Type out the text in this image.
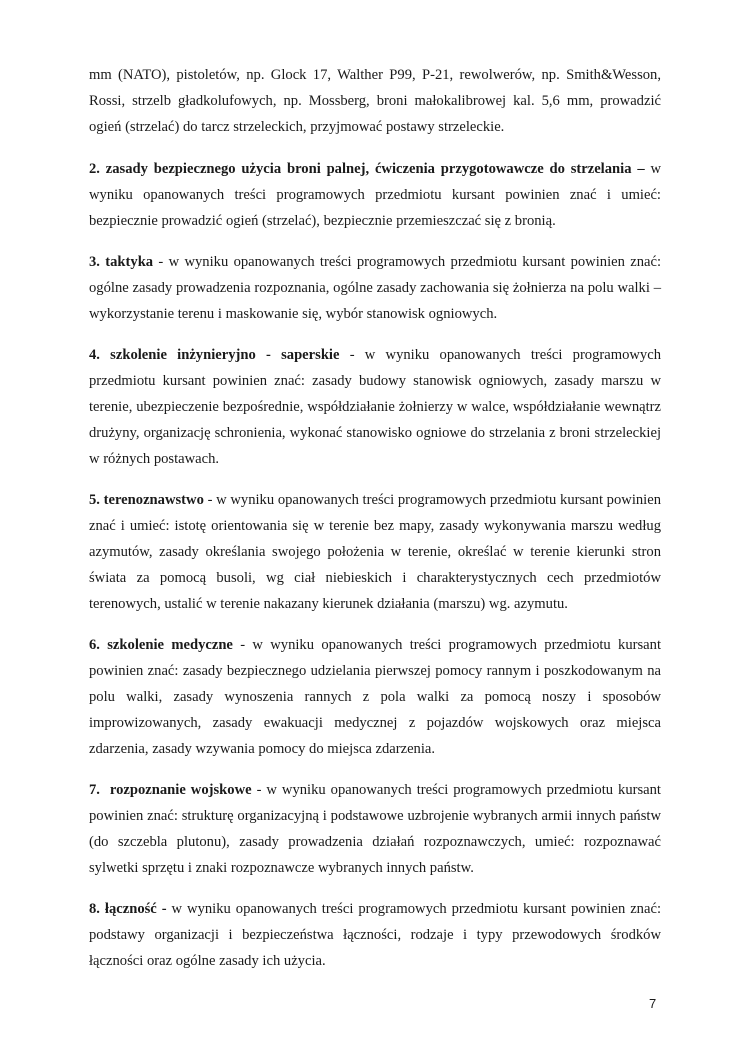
mm (NATO), pistoletów, np. Glock 17, Walther P99, P-21, rewolwerów, np. Smith&Wesson, Rossi, strzelb gładkolufowych, np. Mossberg, broni małokalibrowej kal. 5,6 mm, prowadzić ogień (strzelać) do tarcz strzeleckich, przyjmować postawy strzeleckie.

2. zasady bezpiecznego użycia broni palnej, ćwiczenia przygotowawcze do strzelania – w wyniku opanowanych treści programowych przedmiotu kursant powinien znać i umieć: bezpiecznie prowadzić ogień (strzelać), bezpiecznie przemieszczać się z bronią.

3. taktyka - w wyniku opanowanych treści programowych przedmiotu kursant powinien znać: ogólne zasady prowadzenia rozpoznania, ogólne zasady zachowania się żołnierza na polu walki – wykorzystanie terenu i maskowanie się, wybór stanowisk ogniowych.

4. szkolenie inżynieryjno - saperskie - w wyniku opanowanych treści programowych przedmiotu kursant powinien znać: zasady budowy stanowisk ogniowych, zasady marszu w terenie, ubezpieczenie bezpośrednie, współdziałanie żołnierzy w walce, współdziałanie wewnątrz drużyny, organizację schronienia, wykonać stanowisko ogniowe do strzelania z broni strzeleckiej w różnych postawach.

5. terenoznawstwo - w wyniku opanowanych treści programowych przedmiotu kursant powinien znać i umieć: istotę orientowania się w terenie bez mapy, zasady wykonywania marszu według azymutów, zasady określania swojego położenia w terenie, określać w terenie kierunki stron świata za pomocą busoli, wg ciał niebieskich i charakterystycznych cech przedmiotów terenowych, ustalić w terenie nakazany kierunek działania (marszu) wg. azymutu.

6. szkolenie medyczne - w wyniku opanowanych treści programowych przedmiotu kursant powinien znać: zasady bezpiecznego udzielania pierwszej pomocy rannym i poszkodowanym na polu walki, zasady wynoszenia rannych z pola walki za pomocą noszy i sposobów improwizowanych, zasady ewakuacji medycznej z pojazdów wojskowych oraz miejsca zdarzenia, zasady wzywania pomocy do miejsca zdarzenia.

7.  rozpoznanie wojskowe - w wyniku opanowanych treści programowych przedmiotu kursant powinien znać: strukturę organizacyjną i podstawowe uzbrojenie wybranych armii innych państw (do szczebla plutonu), zasady prowadzenia działań rozpoznawczych, umieć: rozpoznawać sylwetki sprzętu i znaki rozpoznawcze wybranych innych państw.

8. łączność - w wyniku opanowanych treści programowych przedmiotu kursant powinien znać: podstawy organizacji i bezpieczeństwa łączności, rodzaje i typy przewodowych środków łączności oraz ogólne zasady ich użycia.

7
